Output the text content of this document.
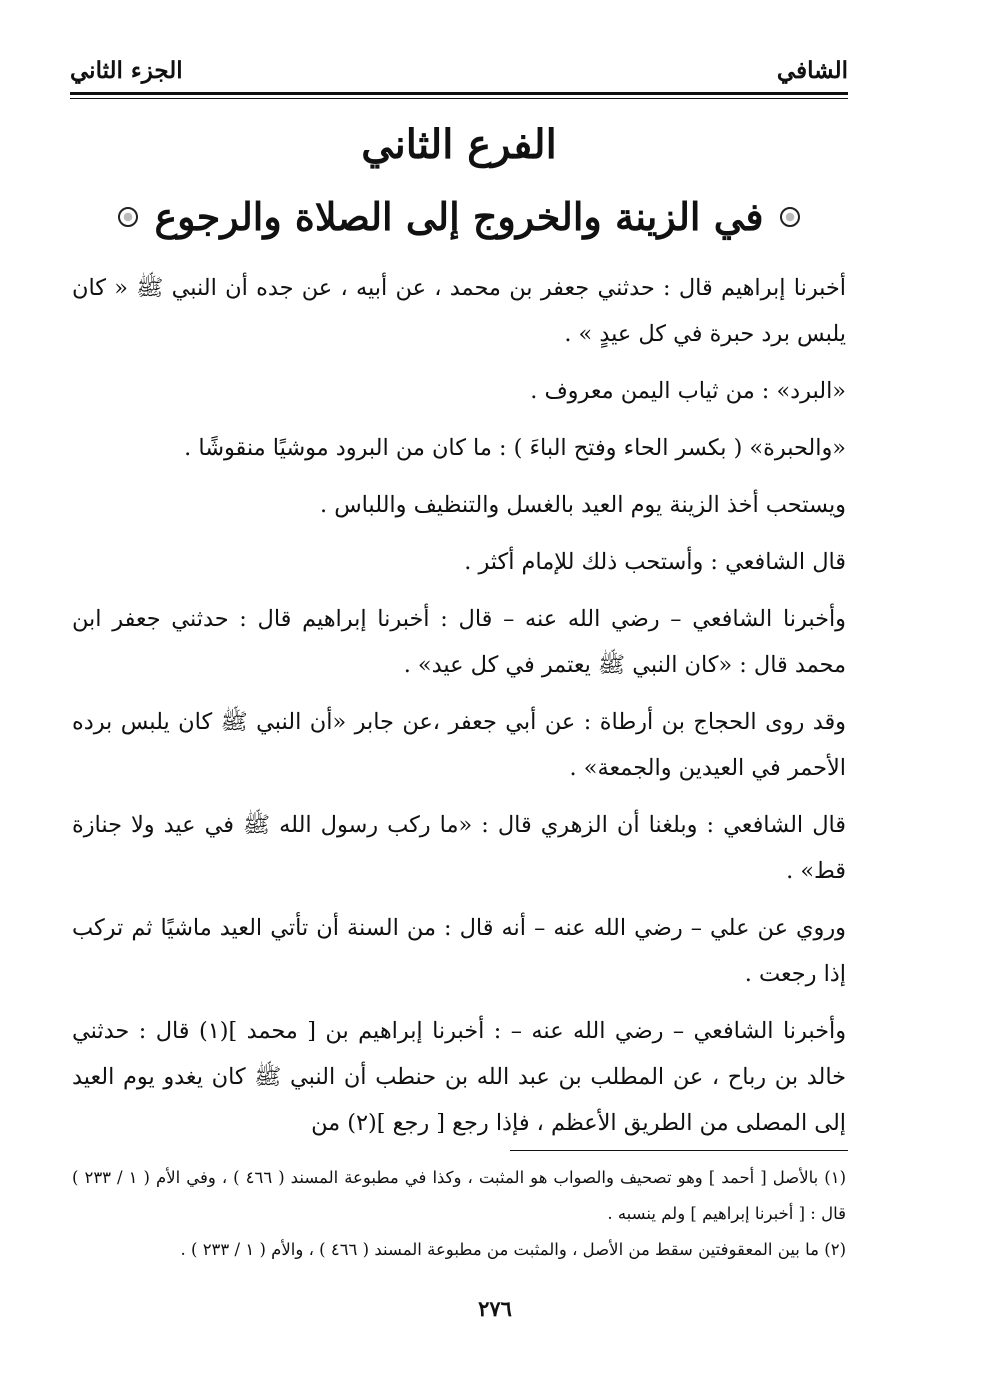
الشافي
الجزء الثاني
الفرع الثاني
في الزينة والخروج إلى الصلاة والرجوع

أخبرنا إبراهيم قال : حدثني جعفر بن محمد ، عن أبيه ، عن جده أن النبي ﷺ « كان يلبس برد حبرة في كل عيدٍ » .

«البرد» : من ثياب اليمن معروف .

«والحبرة» ( بكسر الحاء وفتح الباءَ ) : ما كان من البرود موشيًا منقوشًا .

ويستحب أخذ الزينة يوم العيد بالغسل والتنظيف واللباس .

قال الشافعي : وأستحب ذلك للإمام أكثر .

وأخبرنا الشافعي – رضي الله عنه – قال : أخبرنا إبراهيم قال : حدثني جعفر ابن محمد قال : «كان النبي ﷺ يعتمر في كل عيد» .

وقد روى الحجاج بن أرطاة : عن أبي جعفر ،عن جابر «أن النبي ﷺ كان يلبس برده الأحمر في العيدين والجمعة» .

قال الشافعي : وبلغنا أن الزهري قال : «ما ركب رسول الله ﷺ في عيد ولا جنازة قط» .

وروي عن علي – رضي الله عنه – أنه قال : من السنة أن تأتي العيد ماشيًا ثم تركب إذا رجعت .

وأخبرنا الشافعي – رضي الله عنه – : أخبرنا إبراهيم بن [ محمد ](١) قال : حدثني خالد بن رباح ، عن المطلب بن عبد الله بن حنطب أن النبي ﷺ كان يغدو يوم العيد إلى المصلى من الطريق الأعظم ، فإذا رجع [ رجع ](٢) من

(١) بالأصل [ أحمد ] وهو تصحيف والصواب هو المثبت ، وكذا في مطبوعة المسند ( ٤٦٦ ) ، وفي الأم ( ١ / ٢٣٣ ) قال : [ أخبرنا إبراهيم ] ولم ينسبه .

(٢) ما بين المعقوفتين سقط من الأصل ، والمثبت من مطبوعة المسند ( ٤٦٦ ) ، والأم ( ١ / ٢٣٣ ) .

٢٧٦
